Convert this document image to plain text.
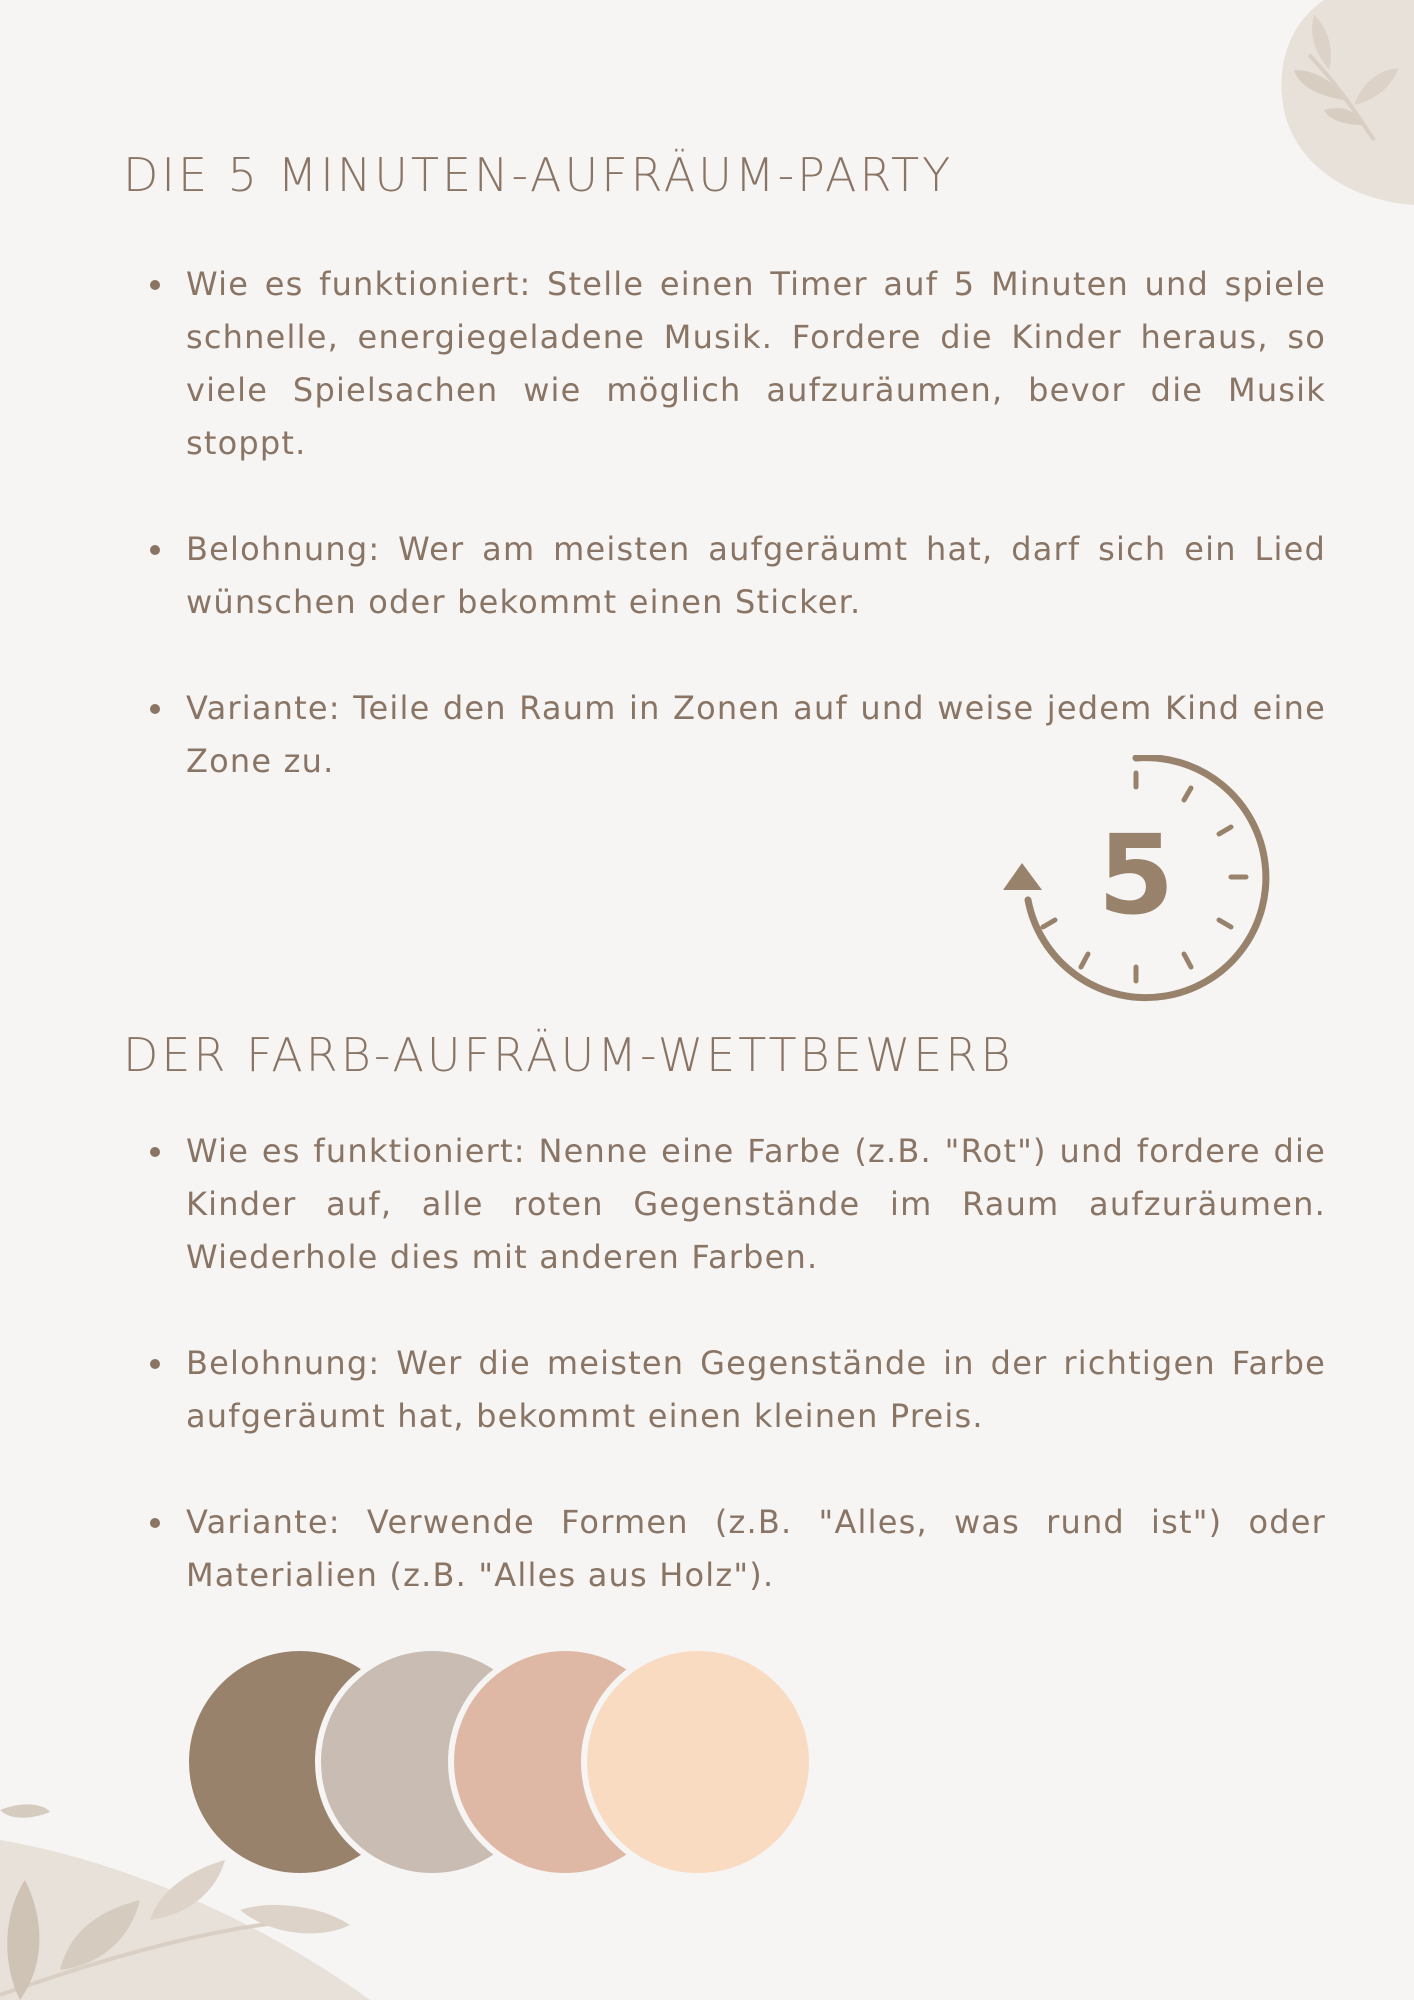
DIE 5 MINUTEN-AUFRÄUM-PARTY
Wie es funktioniert: Stelle einen Timer auf 5 Minuten und spiele schnelle, energiegeladene Musik. Fordere die Kinder heraus, so viele Spielsachen wie möglich aufzuräumen, bevor die Musik stoppt.
Belohnung: Wer am meisten aufgeräumt hat, darf sich ein Lied wünschen oder bekommt einen Sticker.
Variante: Teile den Raum in Zonen auf und weise jedem Kind eine Zone zu.
5
DER FARB-AUFRÄUM-WETTBEWERB
Wie es funktioniert: Nenne eine Farbe (z.B. "Rot") und fordere die Kinder auf, alle roten Gegenstände im Raum aufzuräumen. Wiederhole dies mit anderen Farben.
Belohnung: Wer die meisten Gegenstände in der richtigen Farbe aufgeräumt hat, bekommt einen kleinen Preis.
Variante: Verwende Formen (z.B. "Alles, was rund ist") oder Materialien (z.B. "Alles aus Holz").
